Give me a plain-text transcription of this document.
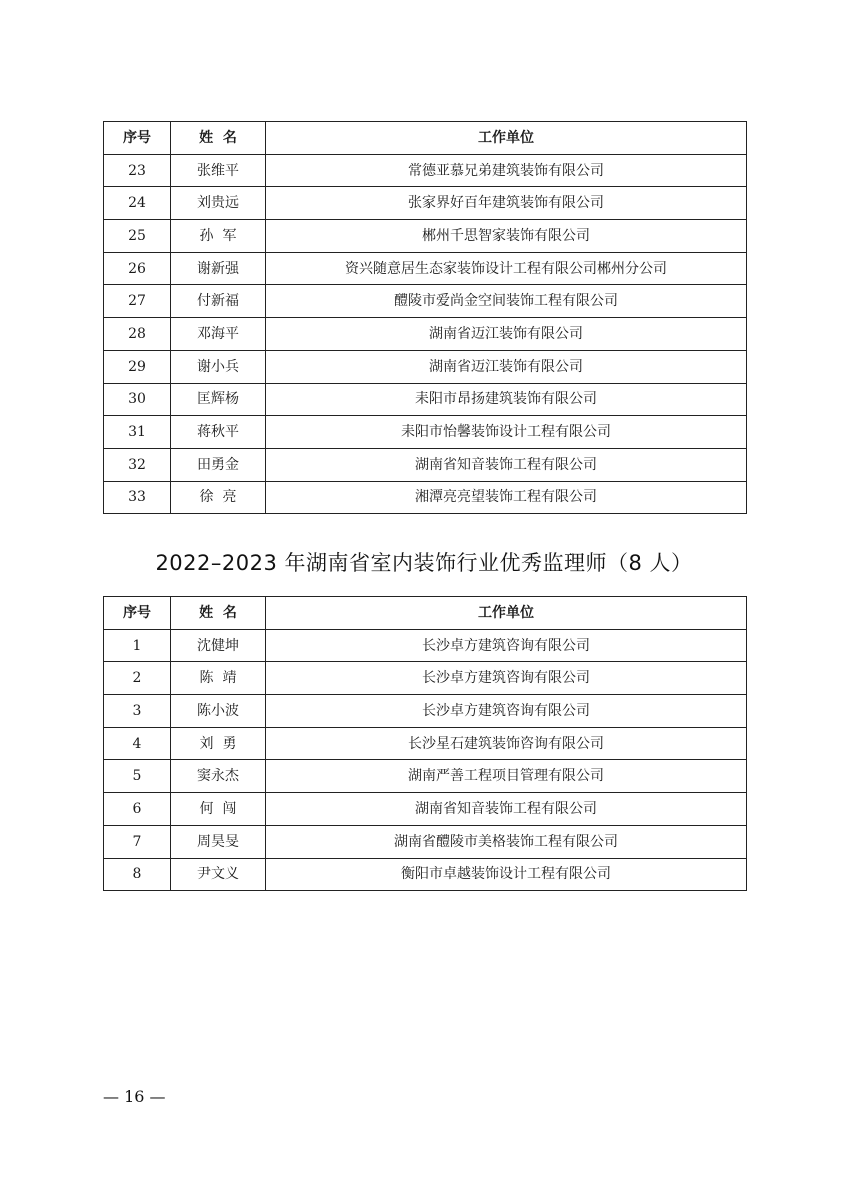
序号	姓  名	工作单位
23	张维平	常德亚慕兄弟建筑装饰有限公司
24	刘贵远	张家界好百年建筑装饰有限公司
25	孙  军	郴州千思智家装饰有限公司
26	谢新强	资兴随意居生态家装饰设计工程有限公司郴州分公司
27	付新福	醴陵市爱尚金空间装饰工程有限公司
28	邓海平	湖南省迈江装饰有限公司
29	谢小兵	湖南省迈江装饰有限公司
30	匡辉杨	耒阳市昂扬建筑装饰有限公司
31	蒋秋平	耒阳市怡馨装饰设计工程有限公司
32	田勇金	湖南省知音装饰工程有限公司
33	徐  亮	湘潭亮亮望装饰工程有限公司
2022–2023 年湖南省室内装饰行业优秀监理师（8 人）
序号	姓  名	工作单位
1	沈健坤	长沙卓方建筑咨询有限公司
2	陈  靖	长沙卓方建筑咨询有限公司
3	陈小波	长沙卓方建筑咨询有限公司
4	刘  勇	长沙星石建筑装饰咨询有限公司
5	窦永杰	湖南严善工程项目管理有限公司
6	何  闯	湖南省知音装饰工程有限公司
7	周昊旻	湖南省醴陵市美格装饰工程有限公司
8	尹文义	衡阳市卓越装饰设计工程有限公司
— 16 —
